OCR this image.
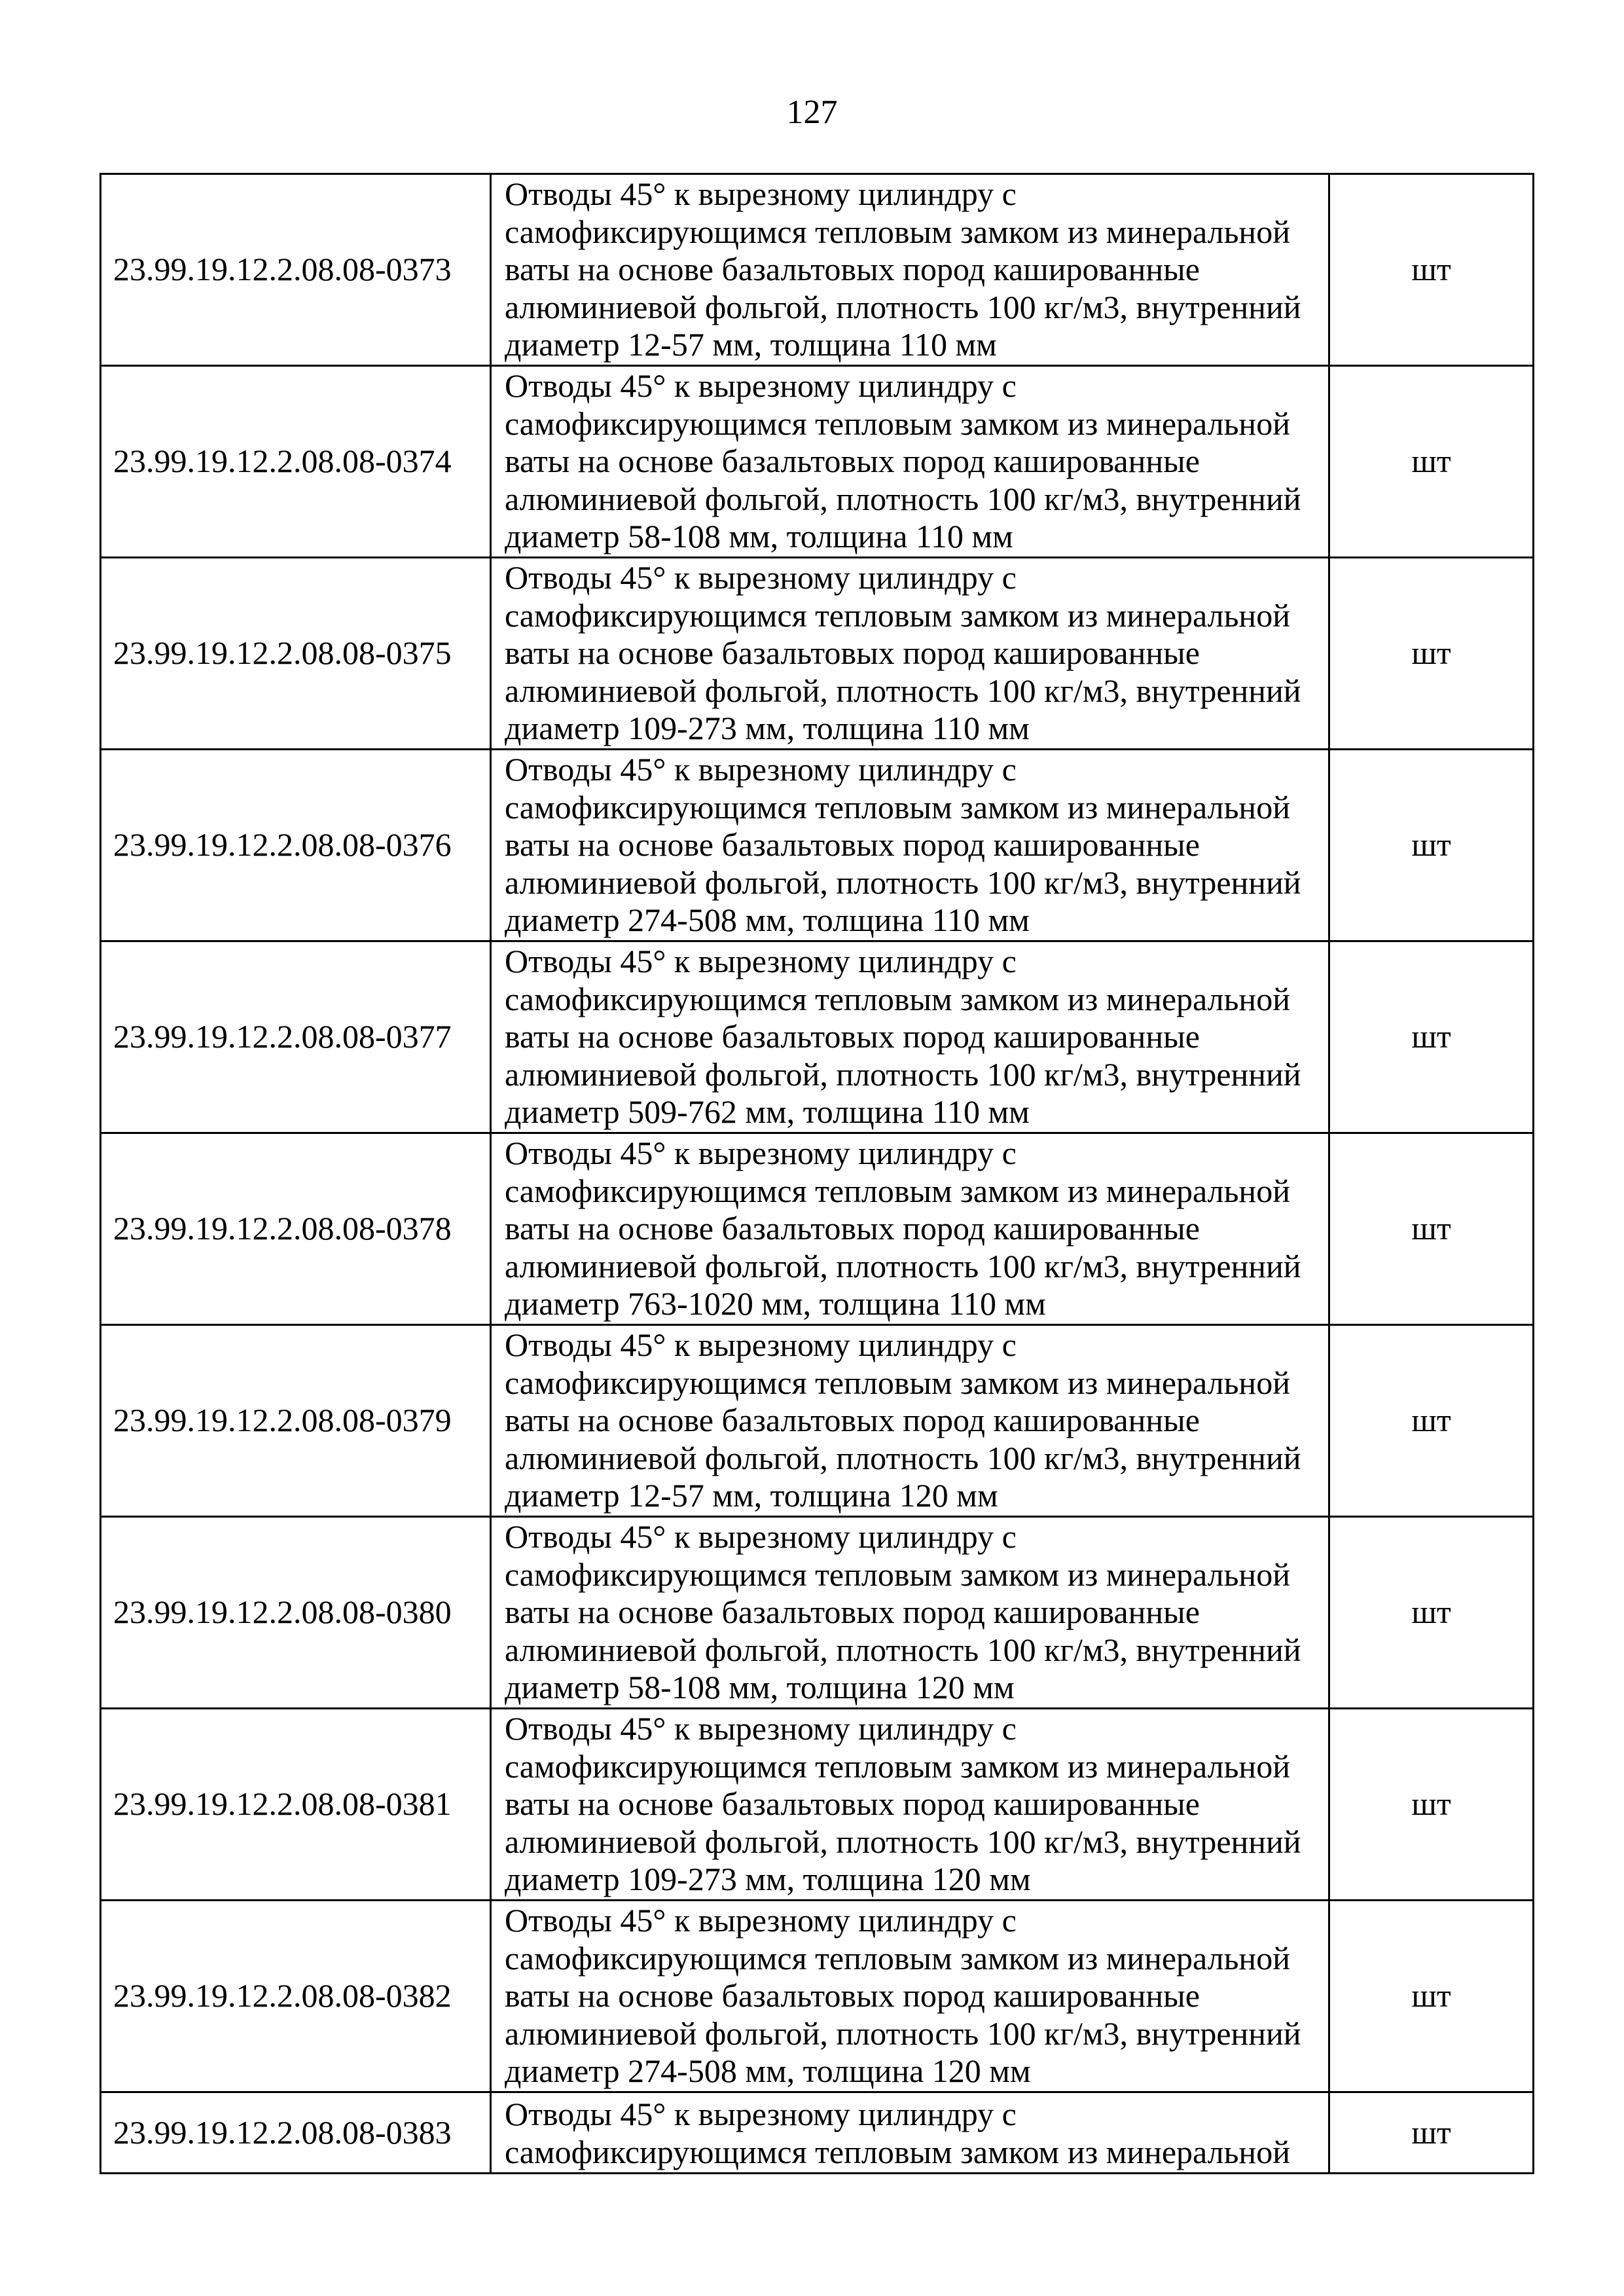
127
23.99.19.12.2.08.08-0373	Отводы 45° к вырезному цилиндру с
самофиксирующимся тепловым замком из минеральной
ваты на основе базальтовых пород кашированные
алюминиевой фольгой, плотность 100 кг/м3, внутренний
диаметр 12-57 мм, толщина 110 мм	шт
23.99.19.12.2.08.08-0374	Отводы 45° к вырезному цилиндру с
самофиксирующимся тепловым замком из минеральной
ваты на основе базальтовых пород кашированные
алюминиевой фольгой, плотность 100 кг/м3, внутренний
диаметр 58-108 мм, толщина 110 мм	шт
23.99.19.12.2.08.08-0375	Отводы 45° к вырезному цилиндру с
самофиксирующимся тепловым замком из минеральной
ваты на основе базальтовых пород кашированные
алюминиевой фольгой, плотность 100 кг/м3, внутренний
диаметр 109-273 мм, толщина 110 мм	шт
23.99.19.12.2.08.08-0376	Отводы 45° к вырезному цилиндру с
самофиксирующимся тепловым замком из минеральной
ваты на основе базальтовых пород кашированные
алюминиевой фольгой, плотность 100 кг/м3, внутренний
диаметр 274-508 мм, толщина 110 мм	шт
23.99.19.12.2.08.08-0377	Отводы 45° к вырезному цилиндру с
самофиксирующимся тепловым замком из минеральной
ваты на основе базальтовых пород кашированные
алюминиевой фольгой, плотность 100 кг/м3, внутренний
диаметр 509-762 мм, толщина 110 мм	шт
23.99.19.12.2.08.08-0378	Отводы 45° к вырезному цилиндру с
самофиксирующимся тепловым замком из минеральной
ваты на основе базальтовых пород кашированные
алюминиевой фольгой, плотность 100 кг/м3, внутренний
диаметр 763-1020 мм, толщина 110 мм	шт
23.99.19.12.2.08.08-0379	Отводы 45° к вырезному цилиндру с
самофиксирующимся тепловым замком из минеральной
ваты на основе базальтовых пород кашированные
алюминиевой фольгой, плотность 100 кг/м3, внутренний
диаметр 12-57 мм, толщина 120 мм	шт
23.99.19.12.2.08.08-0380	Отводы 45° к вырезному цилиндру с
самофиксирующимся тепловым замком из минеральной
ваты на основе базальтовых пород кашированные
алюминиевой фольгой, плотность 100 кг/м3, внутренний
диаметр 58-108 мм, толщина 120 мм	шт
23.99.19.12.2.08.08-0381	Отводы 45° к вырезному цилиндру с
самофиксирующимся тепловым замком из минеральной
ваты на основе базальтовых пород кашированные
алюминиевой фольгой, плотность 100 кг/м3, внутренний
диаметр 109-273 мм, толщина 120 мм	шт
23.99.19.12.2.08.08-0382	Отводы 45° к вырезному цилиндру с
самофиксирующимся тепловым замком из минеральной
ваты на основе базальтовых пород кашированные
алюминиевой фольгой, плотность 100 кг/м3, внутренний
диаметр 274-508 мм, толщина 120 мм	шт
23.99.19.12.2.08.08-0383	Отводы 45° к вырезному цилиндру с
самофиксирующимся тепловым замком из минеральной	шт
